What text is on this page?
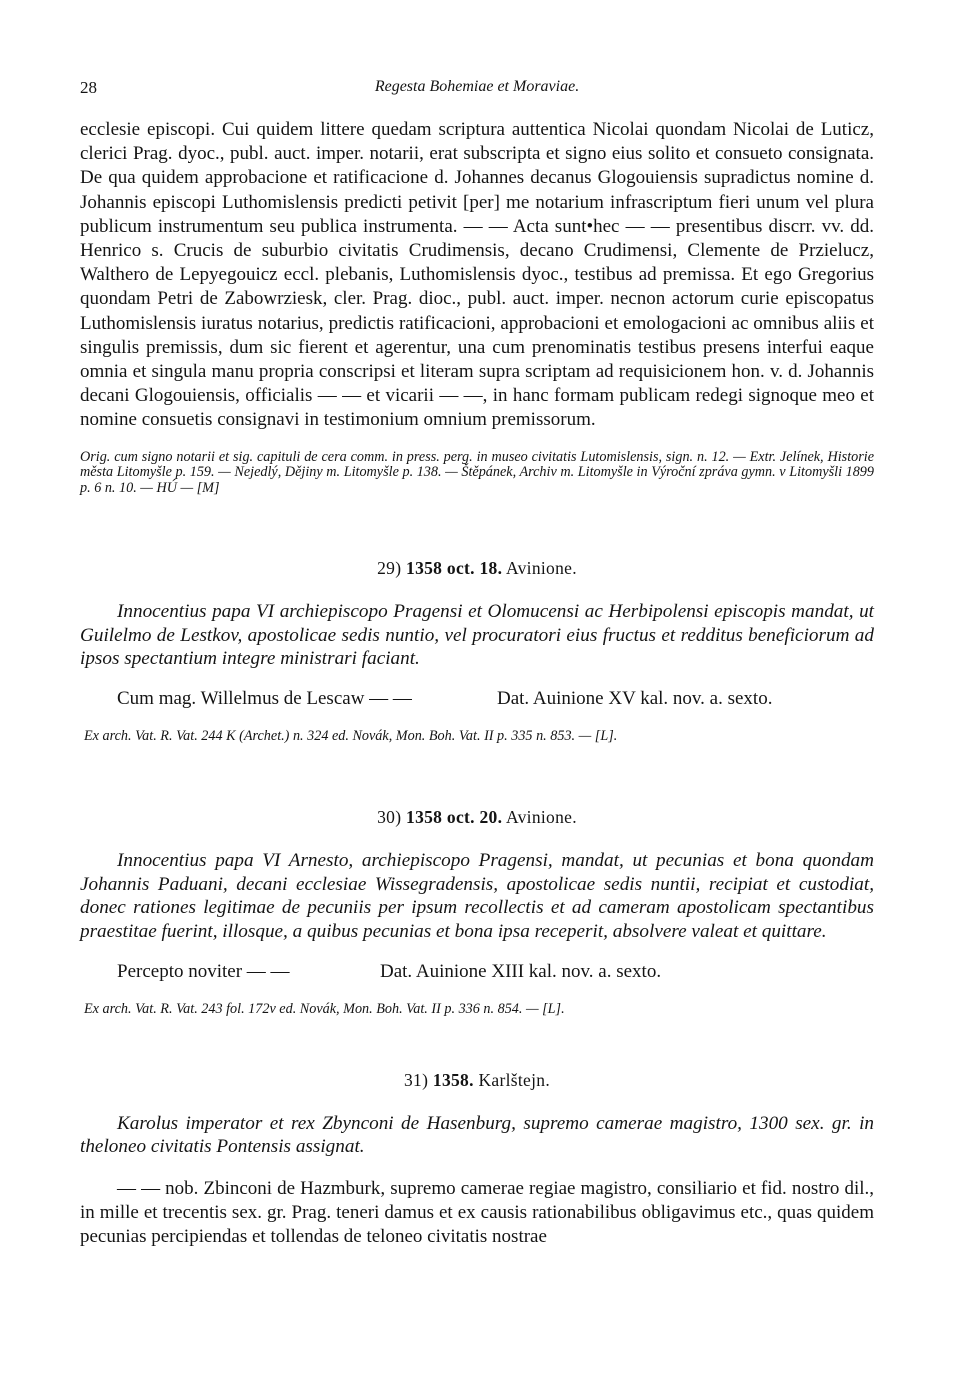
28	Regesta Bohemiae et Moraviae.

ecclesie episcopi. Cui quidem littere quedam scriptura auttentica Nicolai quondam Nicolai de Luticz, clerici Prag. dyoc., publ. auct. imper. notarii, erat subscripta et signo eius solito et consueto consignata. De qua quidem approbacione et ratificacione d. Johannes decanus Glogouiensis supradictus nomine d. Johannis episcopi Luthomislensis predicti petivit [per] me notarium infrascriptum fieri unum vel plura publicum instrumentum seu publica instrumenta. — — Acta sunt•hec — — presentibus discrr. vv. dd. Henrico s. Crucis de suburbio civitatis Crudimensis, decano Crudimensi, Clemente de Przielucz, Walthero de Lepyegouicz eccl. plebanis, Luthomislensis dyoc., testibus ad premissa. Et ego Gregorius quondam Petri de Zabowrziesk, cler. Prag. dioc., publ. auct. imper. necnon actorum curie episcopatus Luthomislensis iuratus notarius, predictis ratificacioni, approbacioni et emologacioni ac omnibus aliis et singulis premissis, dum sic fierent et agerentur, una cum prenominatis testibus presens interfui eaque omnia et singula manu propria conscripsi et literam supra scriptam ad requisicionem hon. v. d. Johannis decani Glogouiensis, officialis — — et vicarii — —, in hanc formam publicam redegi signoque meo et nomine consuetis consignavi in testimonium omnium premissorum.

Orig. cum signo notarii et sig. capituli de cera comm. in press. perg. in museo civitatis Lutomislensis, sign. n. 12. — Extr. Jelínek, Historie města Litomyšle p. 159. — Nejedlý, Dějiny m. Litomyšle p. 138. — Štěpánek, Archiv m. Litomyšle in Výroční zpráva gymn. v Litomyšli 1899 p. 6 n. 10. — HÚ — [M]

29) 1358 oct. 18. Avinione.

Innocentius papa VI archiepiscopo Pragensi et Olomucensi ac Herbipolensi episcopis mandat, ut Guilelmo de Lestkov, apostolicae sedis nuntio, vel procuratori eius fructus et redditus beneficiorum ad ipsos spectantium integre ministrari faciant.

Cum mag. Willelmus de Lescaw — —	Dat. Auinione XV kal. nov. a. sexto.

Ex arch. Vat. R. Vat. 244 K (Archet.) n. 324 ed. Novák, Mon. Boh. Vat. II p. 335 n. 853. — [L].

30) 1358 oct. 20. Avinione.

Innocentius papa VI Arnesto, archiepiscopo Pragensi, mandat, ut pecunias et bona quondam Johannis Paduani, decani ecclesiae Wissegradensis, apostolicae sedis nuntii, recipiat et custodiat, donec rationes legitimae de pecuniis per ipsum recollectis et ad cameram apostolicam spectantibus praestitae fuerint, illosque, a quibus pecunias et bona ipsa receperit, absolvere valeat et quittare.

Percepto noviter — —	Dat. Auinione XIII kal. nov. a. sexto.

Ex arch. Vat. R. Vat. 243 fol. 172v ed. Novák, Mon. Boh. Vat. II p. 336 n. 854. — [L].

31) 1358. Karlštejn.

Karolus imperator et rex Zbynconi de Hasenburg, supremo camerae magistro, 1300 sex. gr. in theloneo civitatis Pontensis assignat.

— — nob. Zbinconi de Hazmburk, supremo camerae regiae magistro, consiliario et fid. nostro dil., in mille et trecentis sex. gr. Prag. teneri damus et ex causis rationabilibus obligavimus etc., quas quidem pecunias percipiendas et tollendas de teloneo civitatis nostrae
